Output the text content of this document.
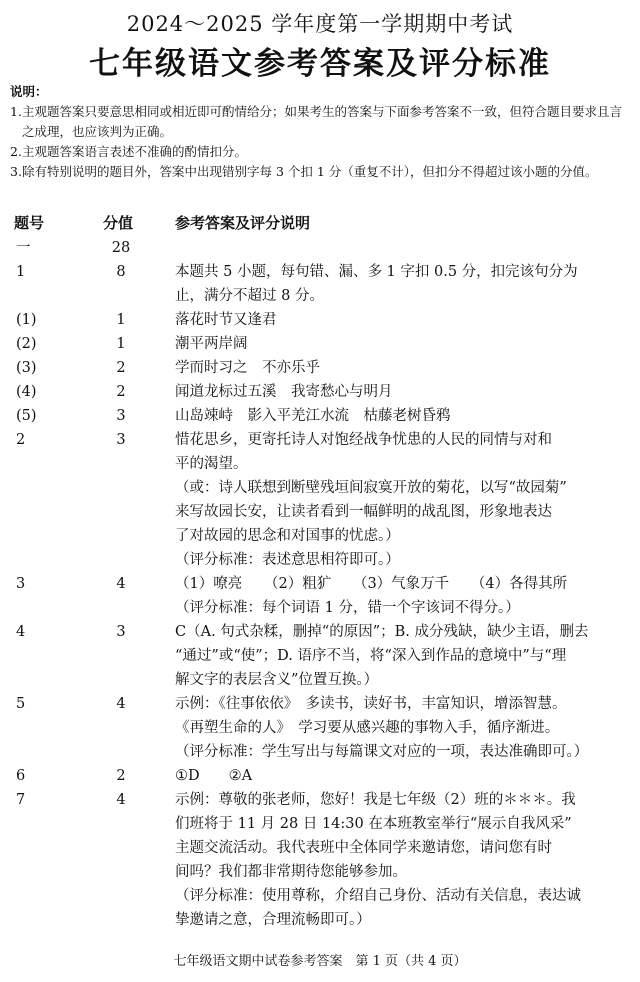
2024～2025 学年度第一学期期中考试
七年级语文参考答案及评分标准
说明：
1. 主观题答案只要意思相同或相近即可酌情给分；如果考生的答案与下面参考答案不一致，但符合题目要求且言之成理，也应该判为正确。
2. 主观题答案语言表述不准确的酌情扣分。
3. 除有特别说明的题目外，答案中出现错别字每 3 个扣 1 分（重复不计），但扣分不得超过该小题的分值。
题号	分值	参考答案及评分说明
一	28
1	8	本题共 5 小题，每句错、漏、多 1 字扣 0.5 分，扣完该句分为
止，满分不超过 8 分。
(1)	1	落花时节又逢君
(2)	1	潮平两岸阔
(3)	2	学而时习之　不亦乐乎
(4)	2	闻道龙标过五溪　我寄愁心与明月
(5)	3	山岛竦峙　影入平羌江水流　枯藤老树昏鸦
2	3	惜花思乡，更寄托诗人对饱经战争忧患的人民的同情与对和
平的渴望。
（或：诗人联想到断壁残垣间寂寞开放的菊花，以写“故园菊”
来写故园长安，让读者看到一幅鲜明的战乱图，形象地表达
了对故园的思念和对国事的忧虑。）
（评分标准：表述意思相符即可。）
3	4	（1）嘹亮　　（2）粗犷　　（3）气象万千　　（4）各得其所
（评分标准：每个词语 1 分，错一个字该词不得分。）
4	3	C（A. 句式杂糅，删掉“的原因”；B. 成分残缺，缺少主语，删去
“通过”或“使”；D. 语序不当，将“深入到作品的意境中”与“理
解文字的表层含义”位置互换。）
5	4	示例：《往事依依》　多读书，读好书，丰富知识，增添智慧。
《再塑生命的人》　学习要从感兴趣的事物入手，循序渐进。
（评分标准：学生写出与每篇课文对应的一项，表达准确即可。）
6	2	①D　　②A
7	4	示例：尊敬的张老师，您好！我是七年级（2）班的＊＊＊。我
们班将于 11 月 28 日 14:30 在本班教室举行“展示自我风采”
主题交流活动。我代表班中全体同学来邀请您，请问您有时
间吗？我们都非常期待您能够参加。
（评分标准：使用尊称，介绍自己身份、活动有关信息，表达诚
挚邀请之意，合理流畅即可。）
七年级语文期中试卷参考答案　第 1 页（共 4 页）
